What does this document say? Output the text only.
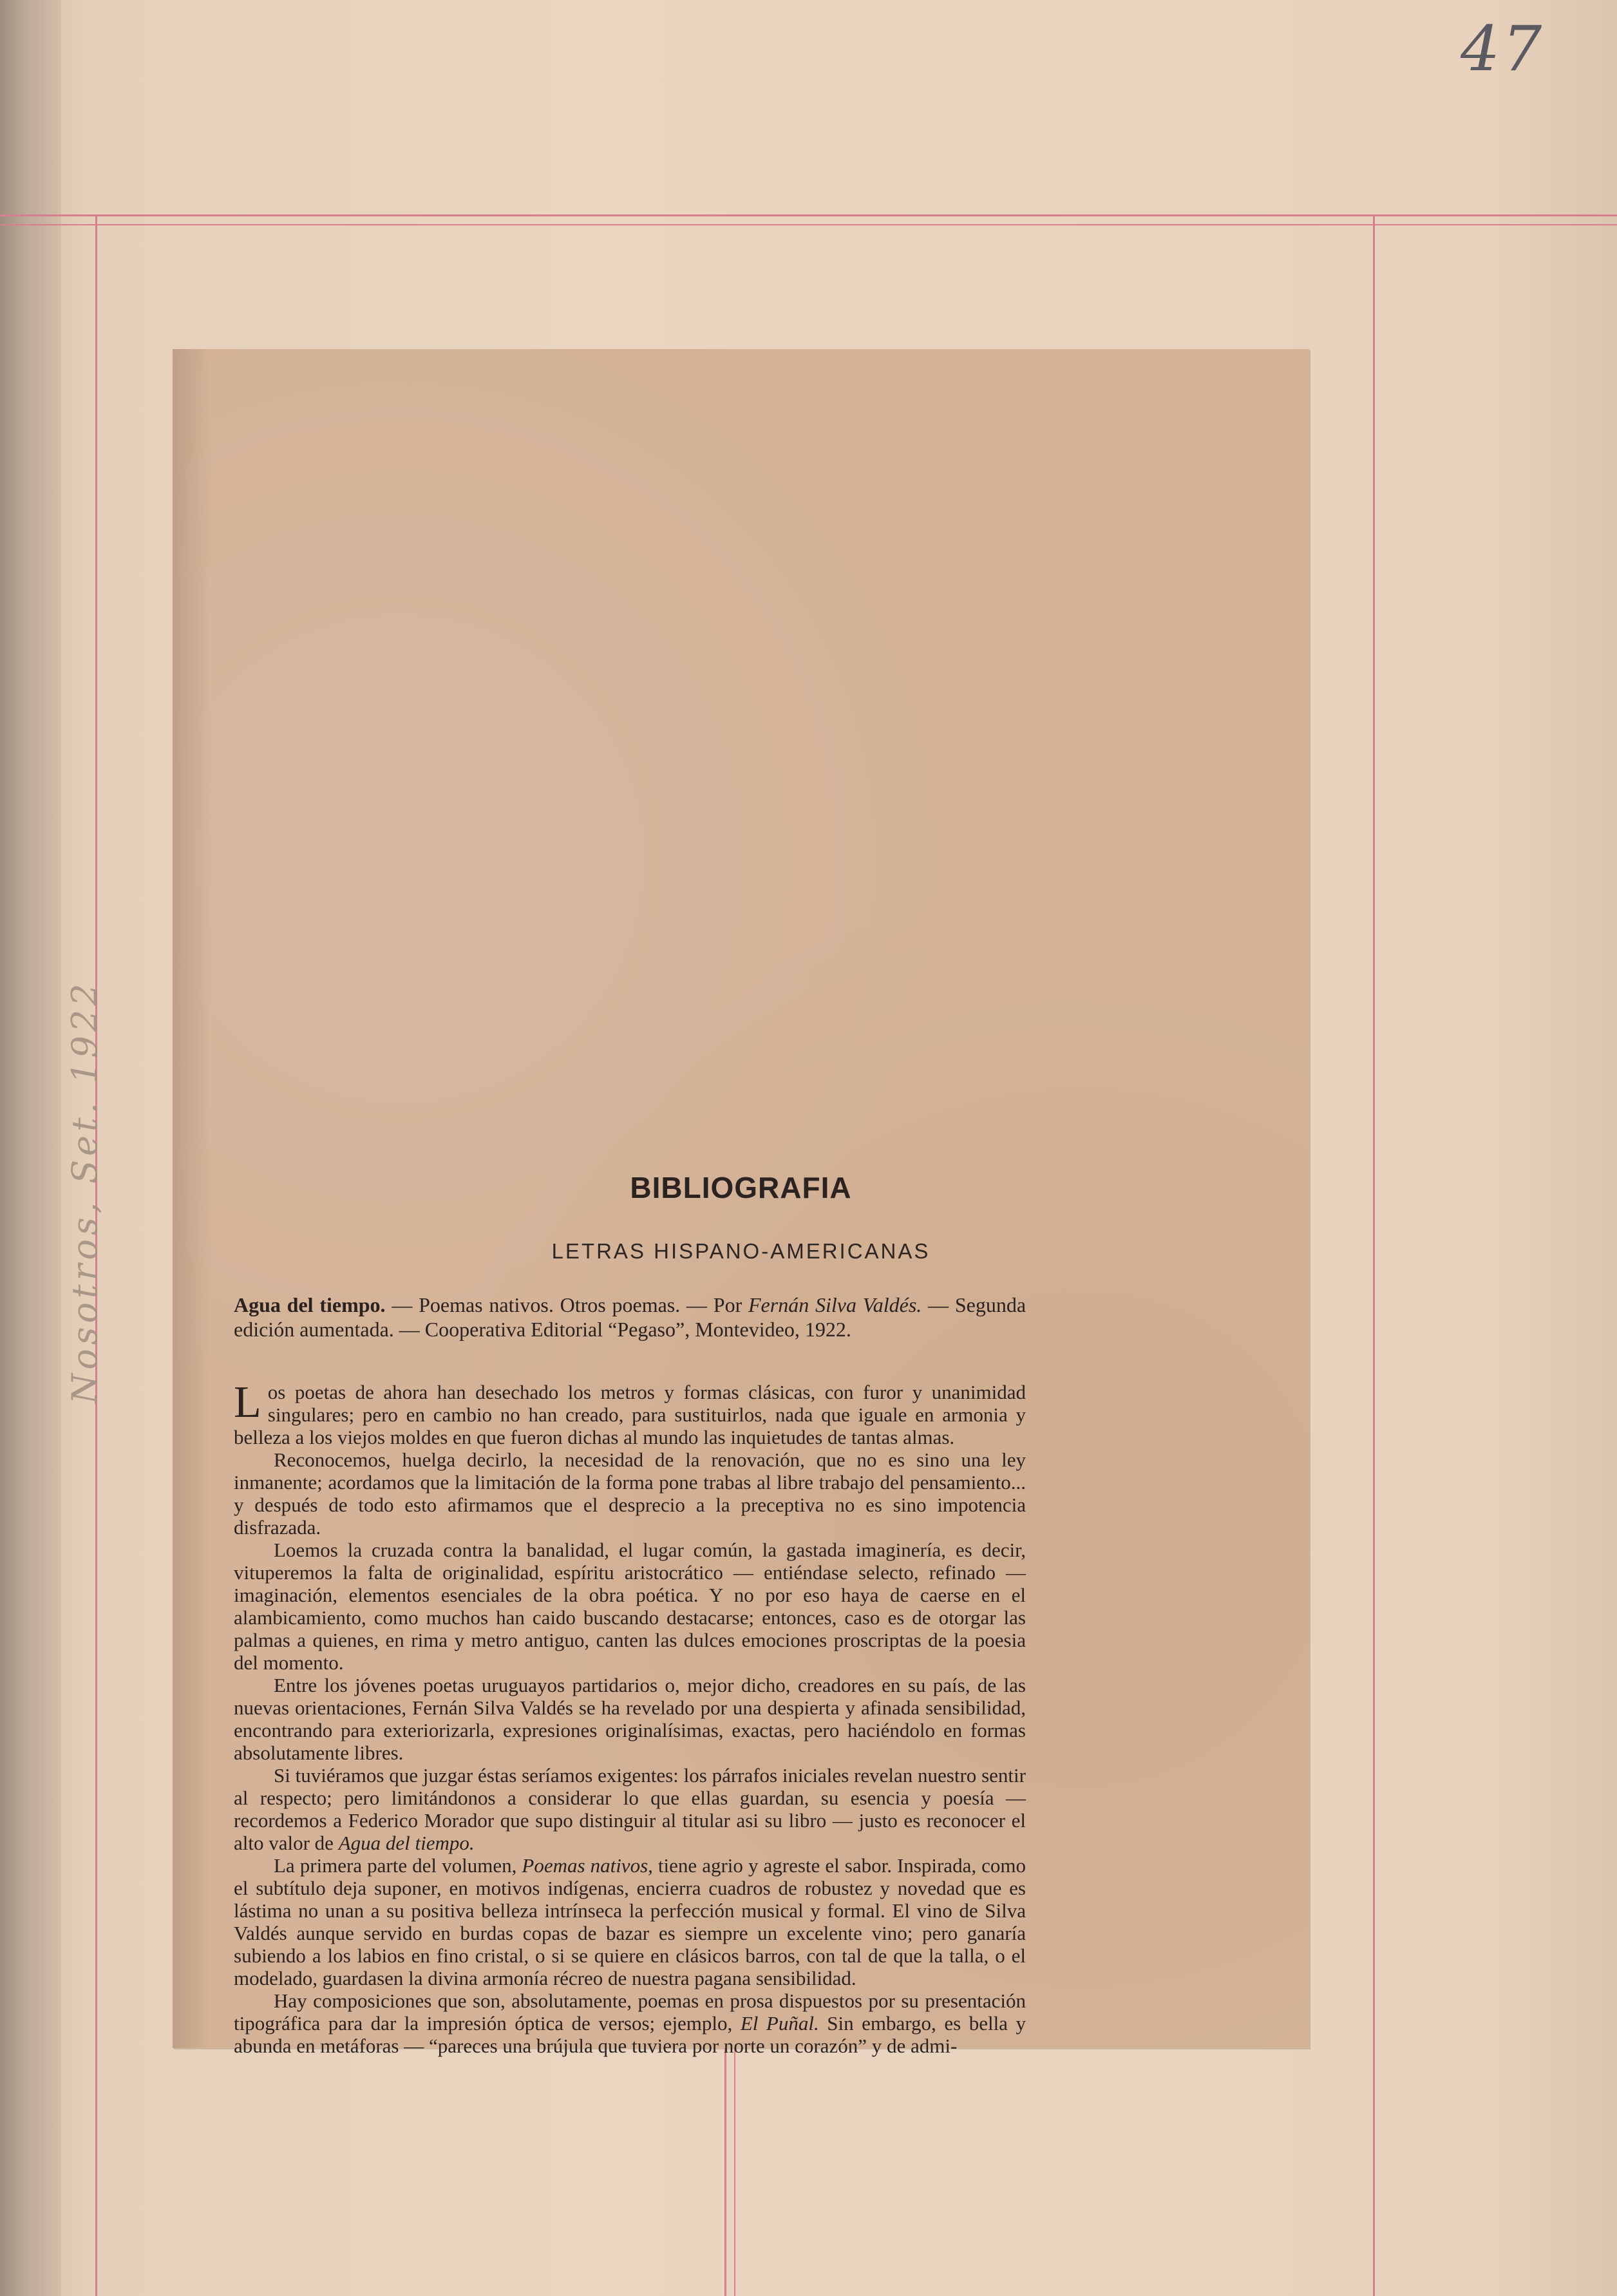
47
Nosotros, Set. 1922	BIBLIOGRAFIA
LETRAS HISPANO-AMERICANAS
Agua del tiempo. — Poemas nativos. Otros poemas. — Por Fernán Silva Valdés. — Segunda edición aumentada. — Cooperativa Editorial “Pegaso”, Montevideo, 1922.

Los poetas de ahora han desechado los metros y formas clásicas, con furor y unanimidad singulares; pero en cambio no han creado, para sustituirlos, nada que iguale en armonia y belleza a los viejos moldes en que fueron dichas al mundo las inquietudes de tantas almas.

Reconocemos, huelga decirlo, la necesidad de la renovación, que no es sino una ley inmanente; acordamos que la limitación de la forma pone trabas al libre trabajo del pensamiento... y después de todo esto afirmamos que el desprecio a la preceptiva no es sino impotencia disfrazada.

Loemos la cruzada contra la banalidad, el lugar común, la gastada imaginería, es decir, vituperemos la falta de originalidad, espíritu aristocrático — entiéndase selecto, refinado — imaginación, elementos esenciales de la obra poética. Y no por eso haya de caerse en el alambicamiento, como muchos han caido buscando destacarse; entonces, caso es de otorgar las palmas a quienes, en rima y metro antiguo, canten las dulces emociones proscriptas de la poesia del momento.

Entre los jóvenes poetas uruguayos partidarios o, mejor dicho, creadores en su país, de las nuevas orientaciones, Fernán Silva Valdés se ha revelado por una despierta y afinada sensibilidad, encontrando para exteriorizarla, expresiones originalísimas, exactas, pero haciéndolo en formas absolutamente libres.

Si tuviéramos que juzgar éstas seríamos exigentes: los párrafos iniciales revelan nuestro sentir al respecto; pero limitándonos a considerar lo que ellas guardan, su esencia y poesía — recordemos a Federico Morador que supo distinguir al titular asi su libro — justo es reconocer el alto valor de Agua del tiempo.

La primera parte del volumen, Poemas nativos, tiene agrio y agreste el sabor. Inspirada, como el subtítulo deja suponer, en motivos indígenas, encierra cuadros de robustez y novedad que es lástima no unan a su positiva belleza intrínseca la perfección musical y formal. El vino de Silva Valdés aunque servido en burdas copas de bazar es siempre un excelente vino; pero ganaría subiendo a los labios en fino cristal, o si se quiere en clásicos barros, con tal de que la talla, o el modelado, guardasen la divina armonía récreo de nuestra pagana sensibilidad.

Hay composiciones que son, absolutamente, poemas en prosa dispuestos por su presentación tipográfica para dar la impresión óptica de versos; ejemplo, El Puñal. Sin embargo, es bella y abunda en metáforas — “pareces una brújula que tuviera por norte un corazón” y de admi-
